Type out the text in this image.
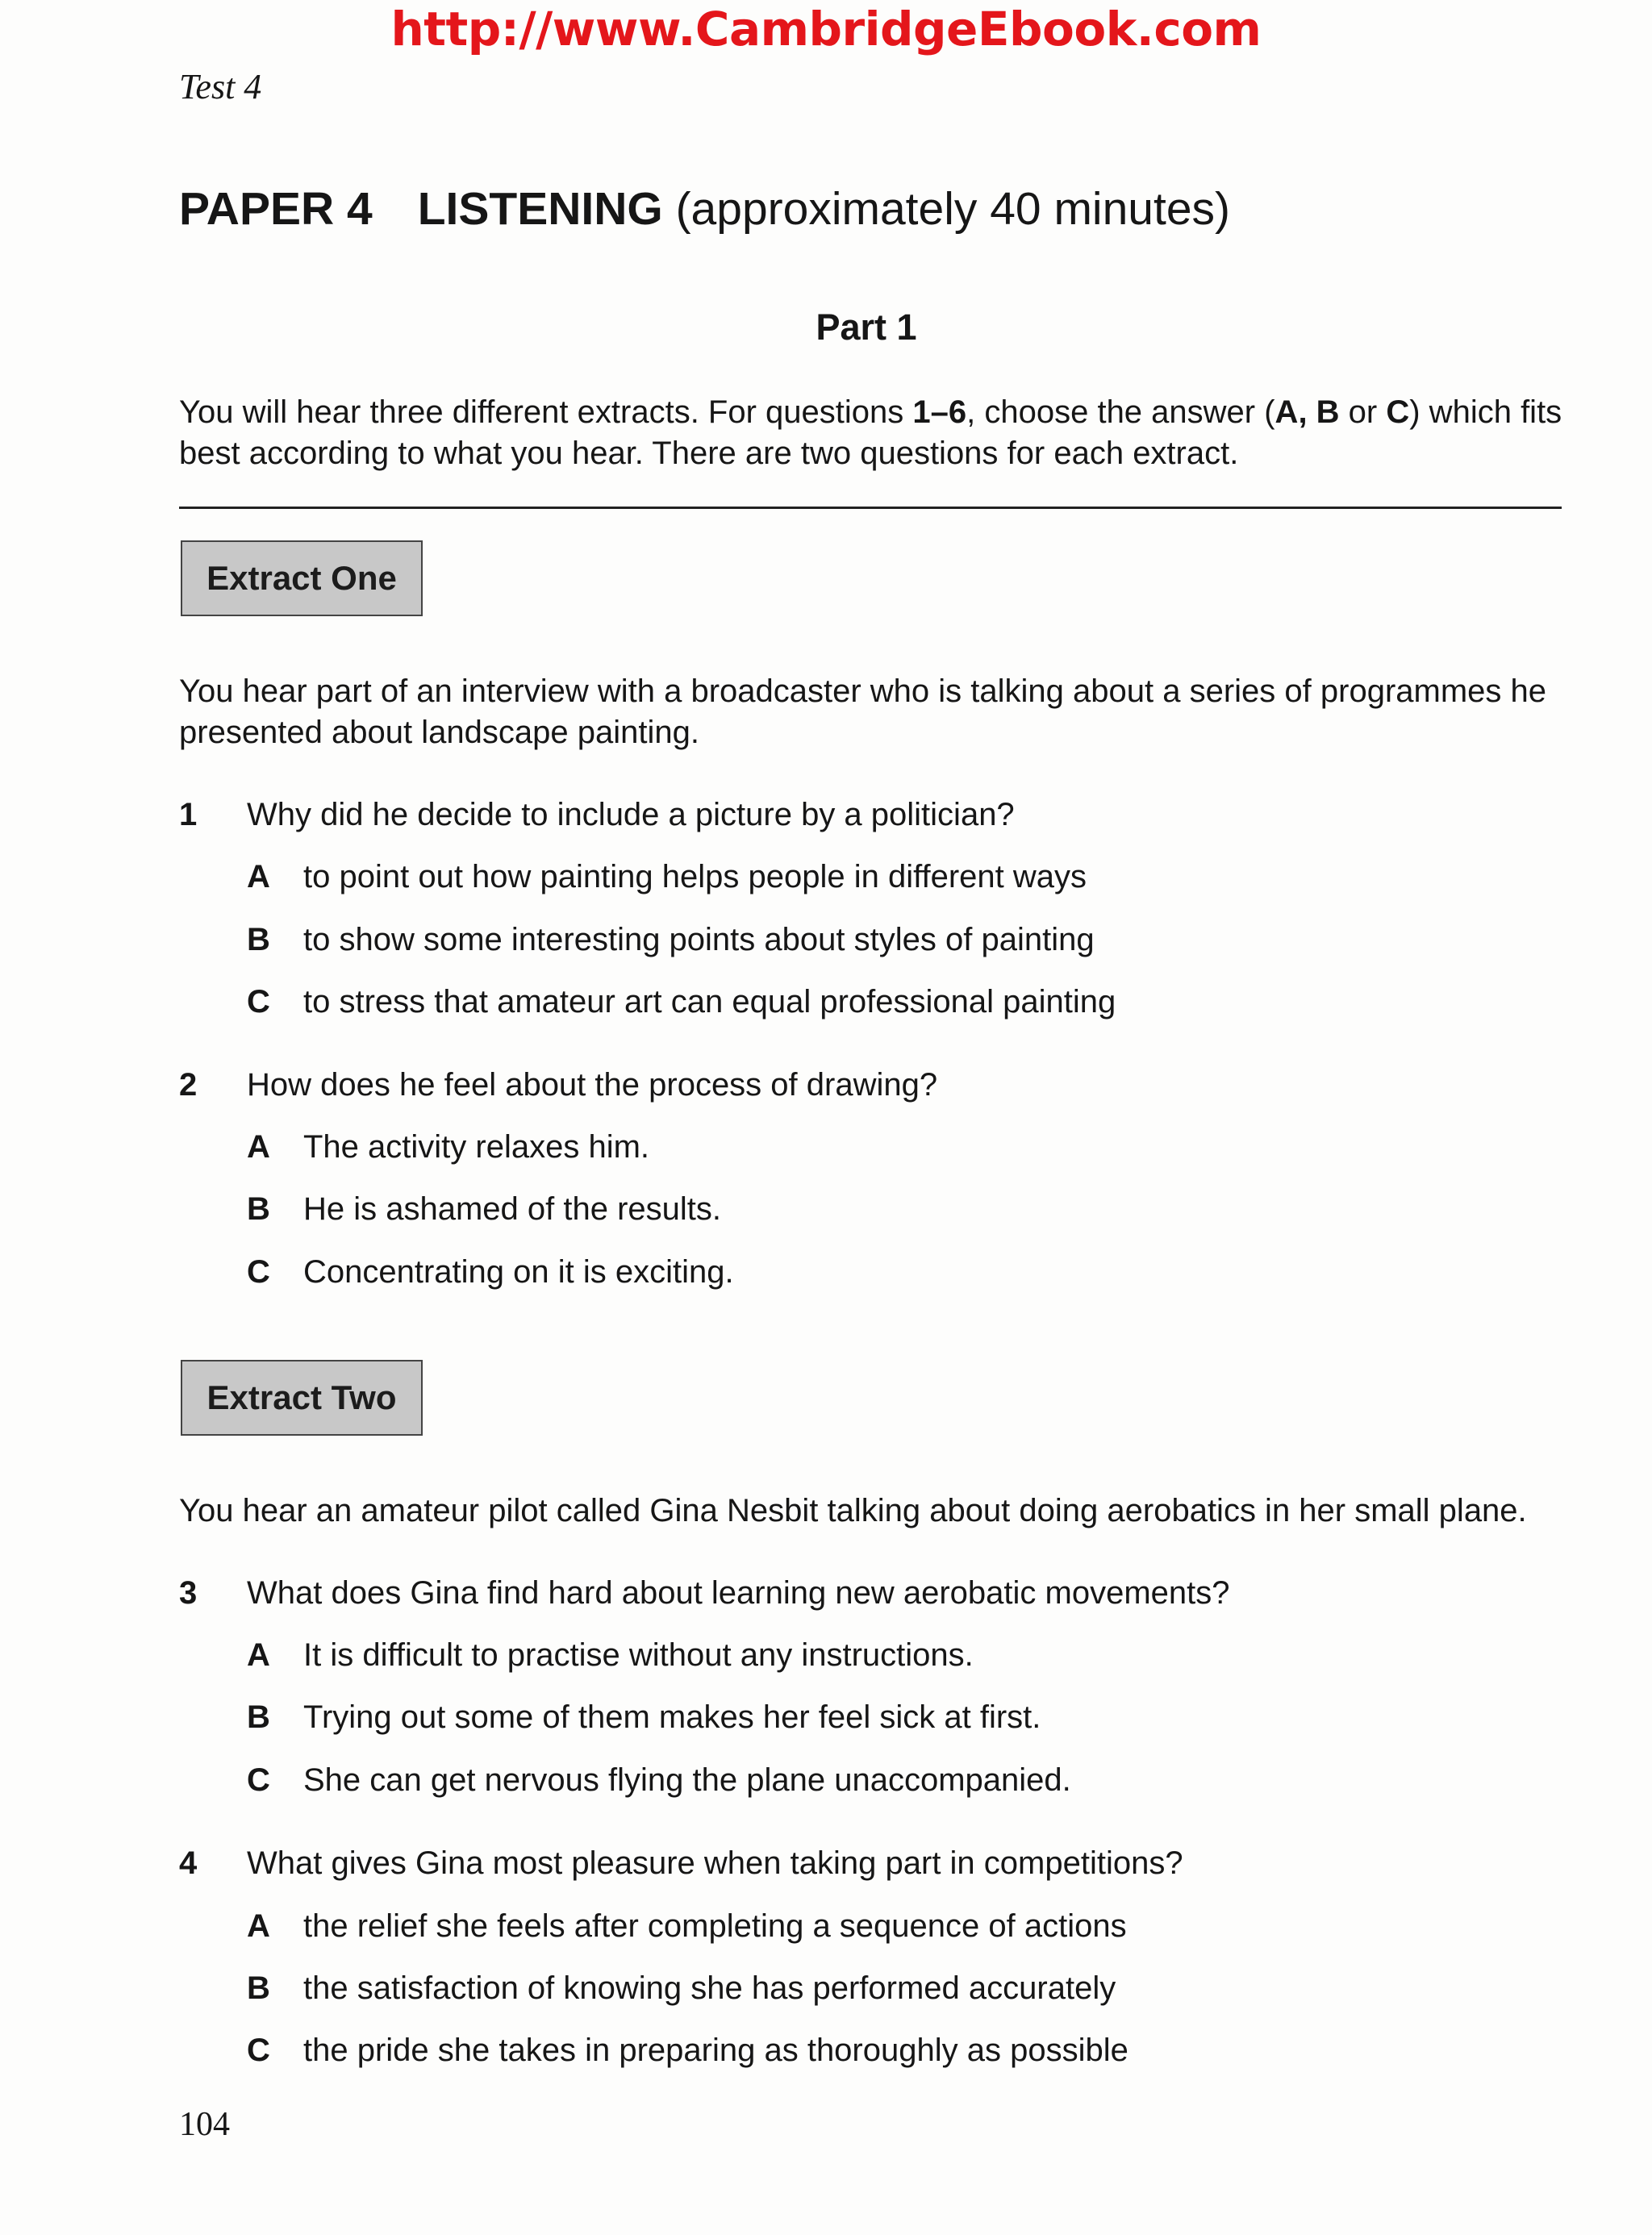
http://www.CambridgeEbook.com
Test 4
PAPER 4 LISTENING (approximately 40 minutes)
Part 1
You will hear three different extracts. For questions 1–6, choose the answer (A, B or C) which fits best according to what you hear. There are two questions for each extract.
Extract One
You hear part of an interview with a broadcaster who is talking about a series of programmes he presented about landscape painting.
1 Why did he decide to include a picture by a politician?
A to point out how painting helps people in different ways
B to show some interesting points about styles of painting
C to stress that amateur art can equal professional painting
2 How does he feel about the process of drawing?
A The activity relaxes him.
B He is ashamed of the results.
C Concentrating on it is exciting.
Extract Two
You hear an amateur pilot called Gina Nesbit talking about doing aerobatics in her small plane.
3 What does Gina find hard about learning new aerobatic movements?
A It is difficult to practise without any instructions.
B Trying out some of them makes her feel sick at first.
C She can get nervous flying the plane unaccompanied.
4 What gives Gina most pleasure when taking part in competitions?
A the relief she feels after completing a sequence of actions
B the satisfaction of knowing she has performed accurately
C the pride she takes in preparing as thoroughly as possible
104
